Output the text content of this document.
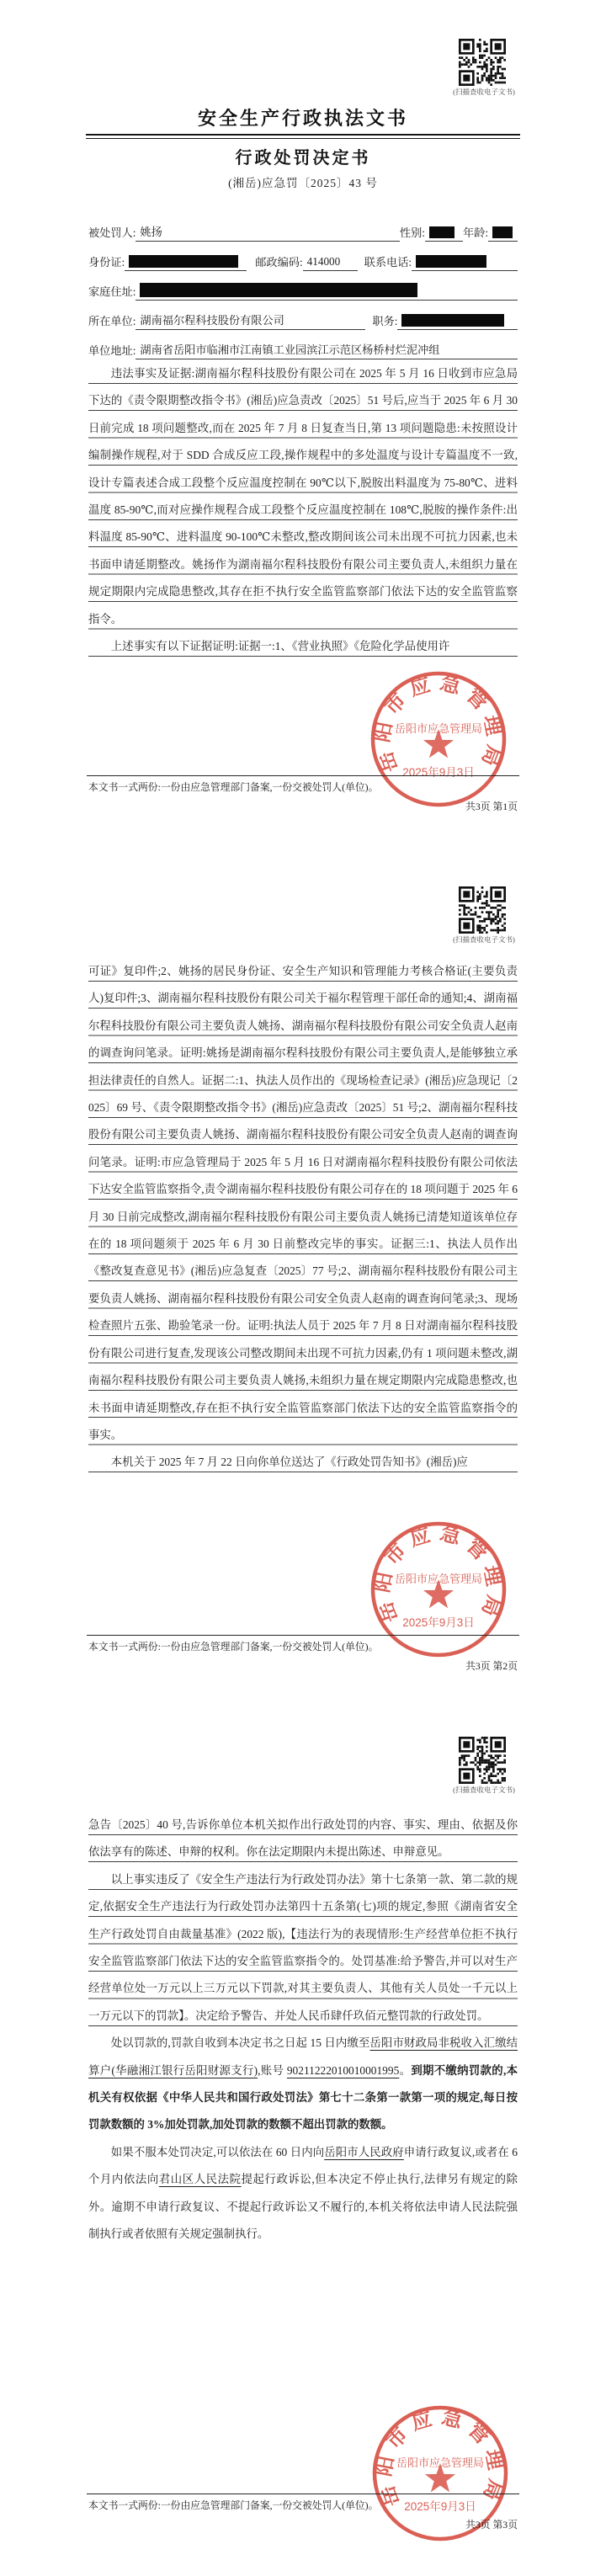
(扫描查收电子文书)
安全生产行政执法文书
行政处罚决定书
(湘岳)应急罚〔2025〕43 号
被处罚人: 姚扬	性别:	年龄:
身份证:	邮政编码: 414000	联系电话:
家庭住址:
所在单位: 湖南福尔程科技股份有限公司	职务:
单位地址: 湖南省岳阳市临湘市江南镇工业园滨江示范区杨桥村烂泥冲组

违法事实及证据:湖南福尔程科技股份有限公司在 2025 年 5 月 16 日收到市应急局下达的《责令限期整改指令书》(湘岳)应急责改〔2025〕51 号后,应当于 2025 年 6 月 30 日前完成 18 项问题整改,而在 2025 年 7 月 8 日复查当日,第 13 项问题隐患:未按照设计编制操作规程,对于 SDD 合成反应工段,操作规程中的多处温度与设计专篇温度不一致,设计专篇表述合成工段整个反应温度控制在 90℃以下,脱胺出料温度为 75-80℃、进料温度 85-90℃,而对应操作规程合成工段整个反应温度控制在 108℃,脱胺的操作条件:出料温度 85-90℃、进料温度 90-100℃未整改,整改期间该公司未出现不可抗力因素,也未书面申请延期整改。姚扬作为湖南福尔程科技股份有限公司主要负责人,未组织力量在规定期限内完成隐患整改,其存在拒不执行安全监管监察部门依法下达的安全监管监察指令。

上述事实有以下证据证明:证据一:1、《营业执照》《危险化学品使用许

岳阳市应急管理局
岳阳市应急管理局
2025年9月3日
本文书一式两份:一份由应急管理部门备案,一份交被处罚人(单位)。
共3页 第1页
(扫描查收电子文书)

可证》复印件;2、姚扬的居民身份证、安全生产知识和管理能力考核合格证(主要负责人)复印件;3、湖南福尔程科技股份有限公司关于福尔程管理干部任命的通知;4、湖南福尔程科技股份有限公司主要负责人姚扬、湖南福尔程科技股份有限公司安全负责人赵南的调查询问笔录。证明:姚扬是湖南福尔程科技股份有限公司主要负责人,是能够独立承担法律责任的自然人。证据二:1、执法人员作出的《现场检查记录》(湘岳)应急现记〔2025〕69 号、《责令限期整改指令书》(湘岳)应急责改〔2025〕51 号;2、湖南福尔程科技股份有限公司主要负责人姚扬、湖南福尔程科技股份有限公司安全负责人赵南的调查询问笔录。证明:市应急管理局于 2025 年 5 月 16 日对湖南福尔程科技股份有限公司依法下达安全监管监察指令,责令湖南福尔程科技股份有限公司存在的 18 项问题于 2025 年 6 月 30 日前完成整改,湖南福尔程科技股份有限公司主要负责人姚扬已清楚知道该单位存在的 18 项问题须于 2025 年 6 月 30 日前整改完毕的事实。证据三:1、执法人员作出《整改复查意见书》(湘岳)应急复查〔2025〕77 号;2、湖南福尔程科技股份有限公司主要负责人姚扬、湖南福尔程科技股份有限公司安全负责人赵南的调查询问笔录;3、现场检查照片五张、勘验笔录一份。证明:执法人员于 2025 年 7 月 8 日对湖南福尔程科技股份有限公司进行复查,发现该公司整改期间未出现不可抗力因素,仍有 1 项问题未整改,湖南福尔程科技股份有限公司主要负责人姚扬,未组织力量在规定期限内完成隐患整改,也未书面申请延期整改,存在拒不执行安全监管监察部门依法下达的安全监管监察指令的事实。

本机关于 2025 年 7 月 22 日向你单位送达了《行政处罚告知书》(湘岳)应

岳阳市应急管理局
岳阳市应急管理局
2025年9月3日
本文书一式两份:一份由应急管理部门备案,一份交被处罚人(单位)。
共3页 第2页
(扫描查收电子文书)

急告〔2025〕40 号,告诉你单位本机关拟作出行政处罚的内容、事实、理由、依据及你依法享有的陈述、申辩的权利。你在法定期限内未提出陈述、申辩意见。

以上事实违反了《安全生产违法行为行政处罚办法》第十七条第一款、第二款的规定,依据安全生产违法行为行政处罚办法第四十五条第(七)项的规定,参照《湖南省安全生产行政处罚自由裁量基准》(2022 版),【违法行为的表现情形:生产经营单位拒不执行安全监管监察部门依法下达的安全监管监察指令的。处罚基准:给予警告,并可以对生产经营单位处一万元以上三万元以下罚款,对其主要负责人、其他有关人员处一千元以上一万元以下的罚款】。决定给予警告、并处人民币肆仟玖佰元整罚款的行政处罚。

处以罚款的,罚款自收到本决定书之日起 15 日内缴至岳阳市财政局非税收入汇缴结算户(华融湘江银行岳阳财源支行),账号 90211222010010001995。到期不缴纳罚款的,本机关有权依据《中华人民共和国行政处罚法》第七十二条第一款第一项的规定,每日按罚款数额的 3%加处罚款,加处罚款的数额不超出罚款的数额。

如果不服本处罚决定,可以依法在 60 日内向岳阳市人民政府申请行政复议,或者在 6 个月内依法向君山区人民法院提起行政诉讼,但本决定不停止执行,法律另有规定的除外。逾期不申请行政复议、不提起行政诉讼又不履行的,本机关将依法申请人民法院强制执行或者依照有关规定强制执行。

岳阳市应急管理局
岳阳市应急管理局
2025年9月3日
本文书一式两份:一份由应急管理部门备案,一份交被处罚人(单位)。
共3页 第3页
